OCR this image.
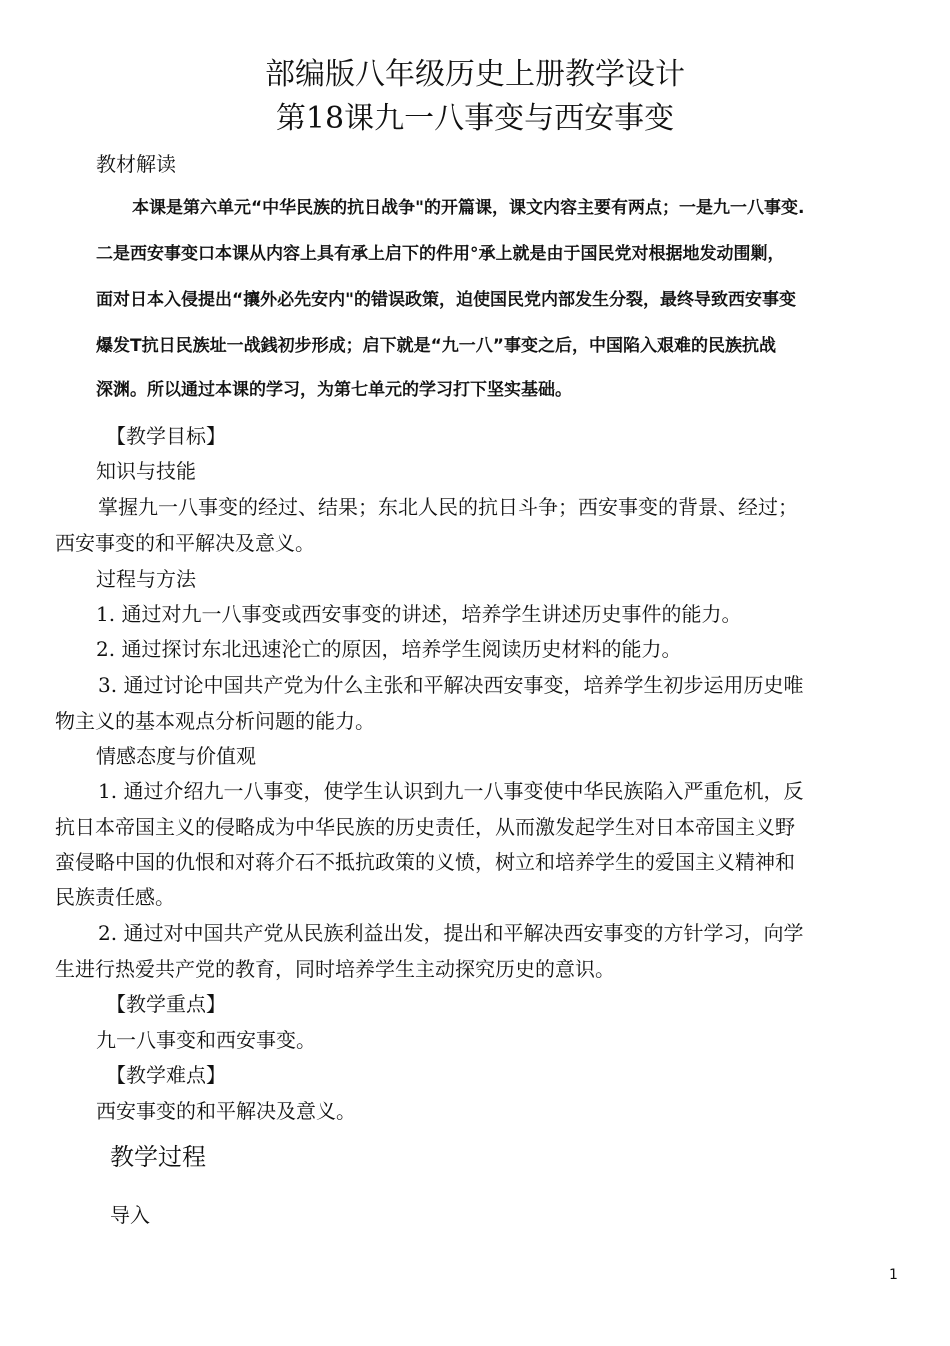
部编版八年级历史上册教学设计
第18课九一八事变与西安事变
教材解读
本课是第六单元“中华民族的抗日战争"的开篇课，课文内容主要有两点；一是九一八事变.
二是西安事变口本课从内容上具有承上启下的件用°承上就是由于国民党对根据地发动围剿，
面对日本入侵提出“攘外必先安内"的错误政策，迫使国民党内部发生分裂，最终导致西安事变
爆发T抗日民族址一战銭初步形成；启下就是“九一八”事变之后，中国陷入艰难的民族抗战
深渊。所以通过本课的学习，为第七单元的学习打下坚实基础。
【教学目标】
知识与技能
掌握九一八事变的经过、结果；东北人民的抗日斗争；西安事变的背景、经过；
西安事变的和平解决及意义。
过程与方法
1. 通过对九一八事变或西安事变的讲述，培养学生讲述历史事件的能力。
2. 通过探讨东北迅速沦亡的原因，培养学生阅读历史材料的能力。
3. 通过讨论中国共产党为什么主张和平解决西安事变，培养学生初步运用历史唯
物主义的基本观点分析问题的能力。
情感态度与价值观
1. 通过介绍九一八事变，使学生认识到九一八事变使中华民族陷入严重危机，反
抗日本帝国主义的侵略成为中华民族的历史责任，从而激发起学生对日本帝国主义野
蛮侵略中国的仇恨和对蒋介石不抵抗政策的义愤，树立和培养学生的爱国主义精神和
民族责任感。
2. 通过对中国共产党从民族利益出发，提出和平解决西安事变的方针学习，向学
生进行热爱共产党的教育，同时培养学生主动探究历史的意识。
【教学重点】
九一八事变和西安事变。
【教学难点】
西安事变的和平解决及意义。
教学过程
导入
1
